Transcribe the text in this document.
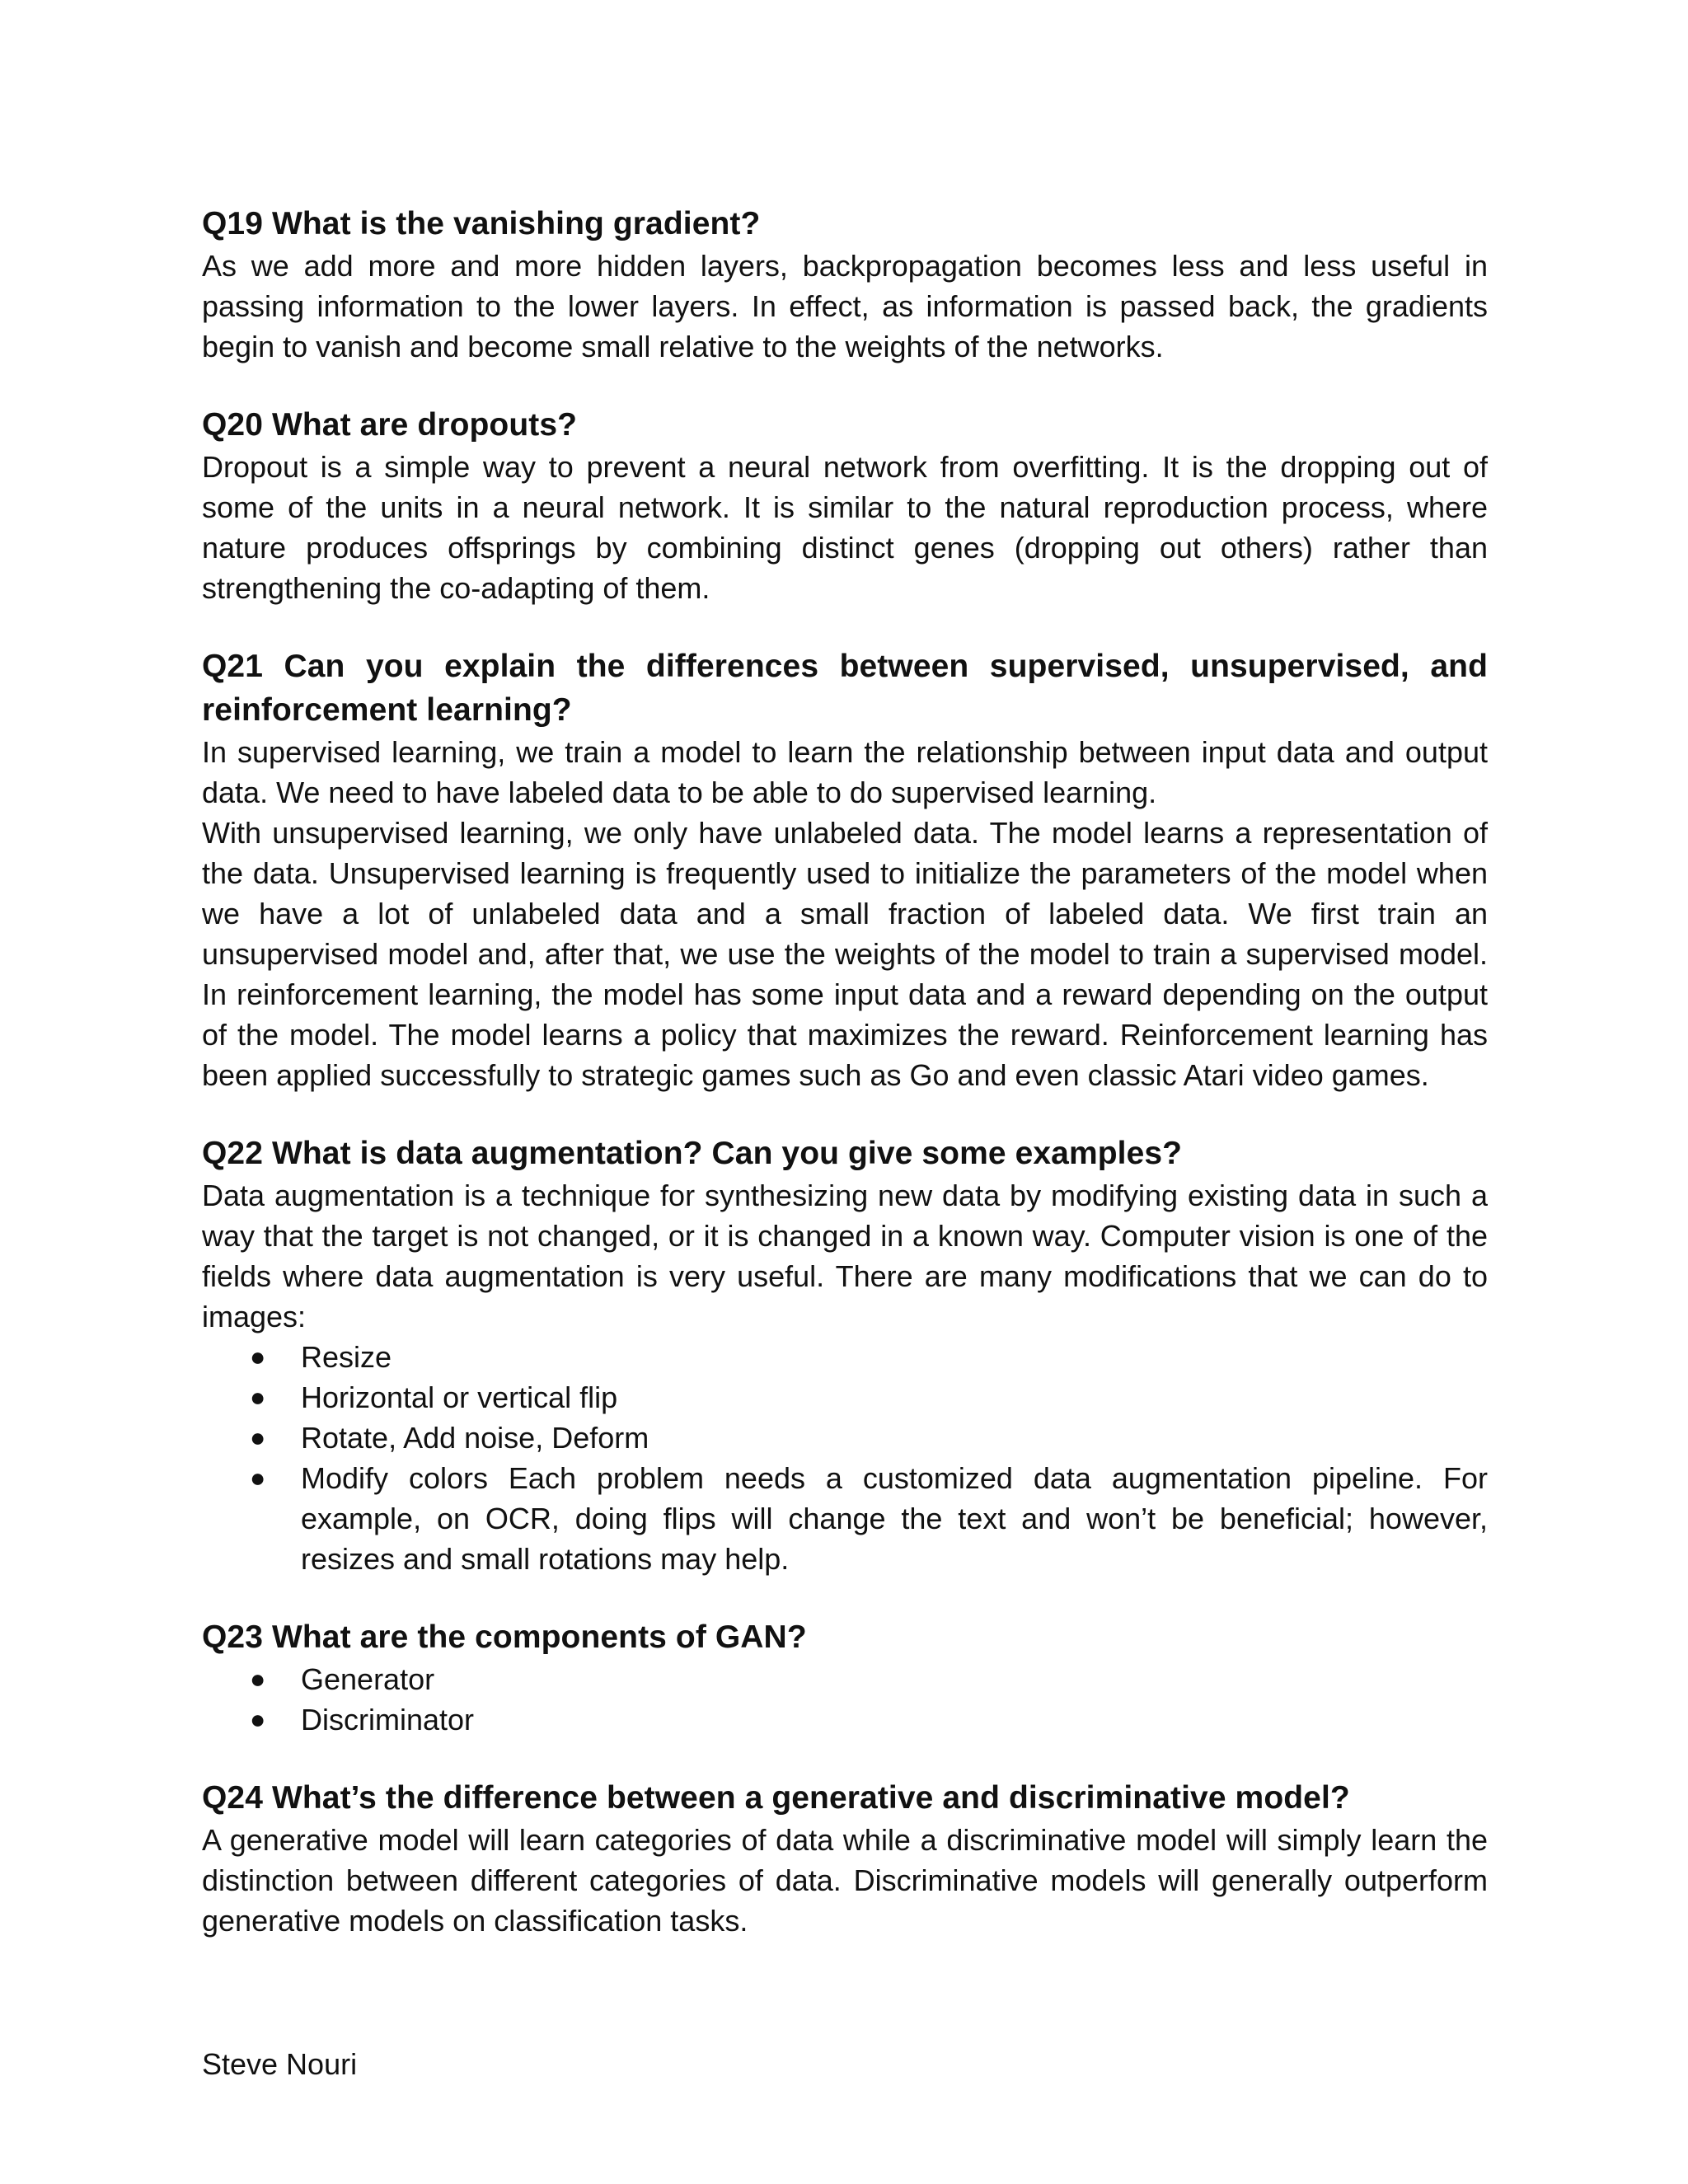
Q19 What is the vanishing gradient?

As we add more and more hidden layers, backpropagation becomes less and less useful in passing information to the lower layers. In effect, as information is passed back, the gradients begin to vanish and become small relative to the weights of the networks.

Q20 What are dropouts?

Dropout is a simple way to prevent a neural network from overfitting. It is the dropping out of some of the units in a neural network. It is similar to the natural reproduction process, where nature produces offsprings by combining distinct genes (dropping out others) rather than strengthening the co-adapting of them.

Q21 Can you explain the differences between supervised, unsupervised, and reinforcement learning?

In supervised learning, we train a model to learn the relationship between input data and output data. We need to have labeled data to be able to do supervised learning.

With unsupervised learning, we only have unlabeled data. The model learns a representation of the data. Unsupervised learning is frequently used to initialize the parameters of the model when we have a lot of unlabeled data and a small fraction of labeled data. We first train an unsupervised model and, after that, we use the weights of the model to train a supervised model. In reinforcement learning, the model has some input data and a reward depending on the output of the model. The model learns a policy that maximizes the reward. Reinforcement learning has been applied successfully to strategic games such as Go and even classic Atari video games.

Q22 What is data augmentation? Can you give some examples?

Data augmentation is a technique for synthesizing new data by modifying existing data in such a way that the target is not changed, or it is changed in a known way. Computer vision is one of the fields where data augmentation is very useful. There are many modifications that we can do to images:

● Resize
● Horizontal or vertical flip
● Rotate, Add noise, Deform
● Modify colors Each problem needs a customized data augmentation pipeline. For example, on OCR, doing flips will change the text and won’t be beneficial; however, resizes and small rotations may help.

Q23 What are the components of GAN?

● Generator
● Discriminator

Q24 What’s the difference between a generative and discriminative model?

A generative model will learn categories of data while a discriminative model will simply learn the distinction between different categories of data. Discriminative models will generally outperform generative models on classification tasks.

Steve Nouri
